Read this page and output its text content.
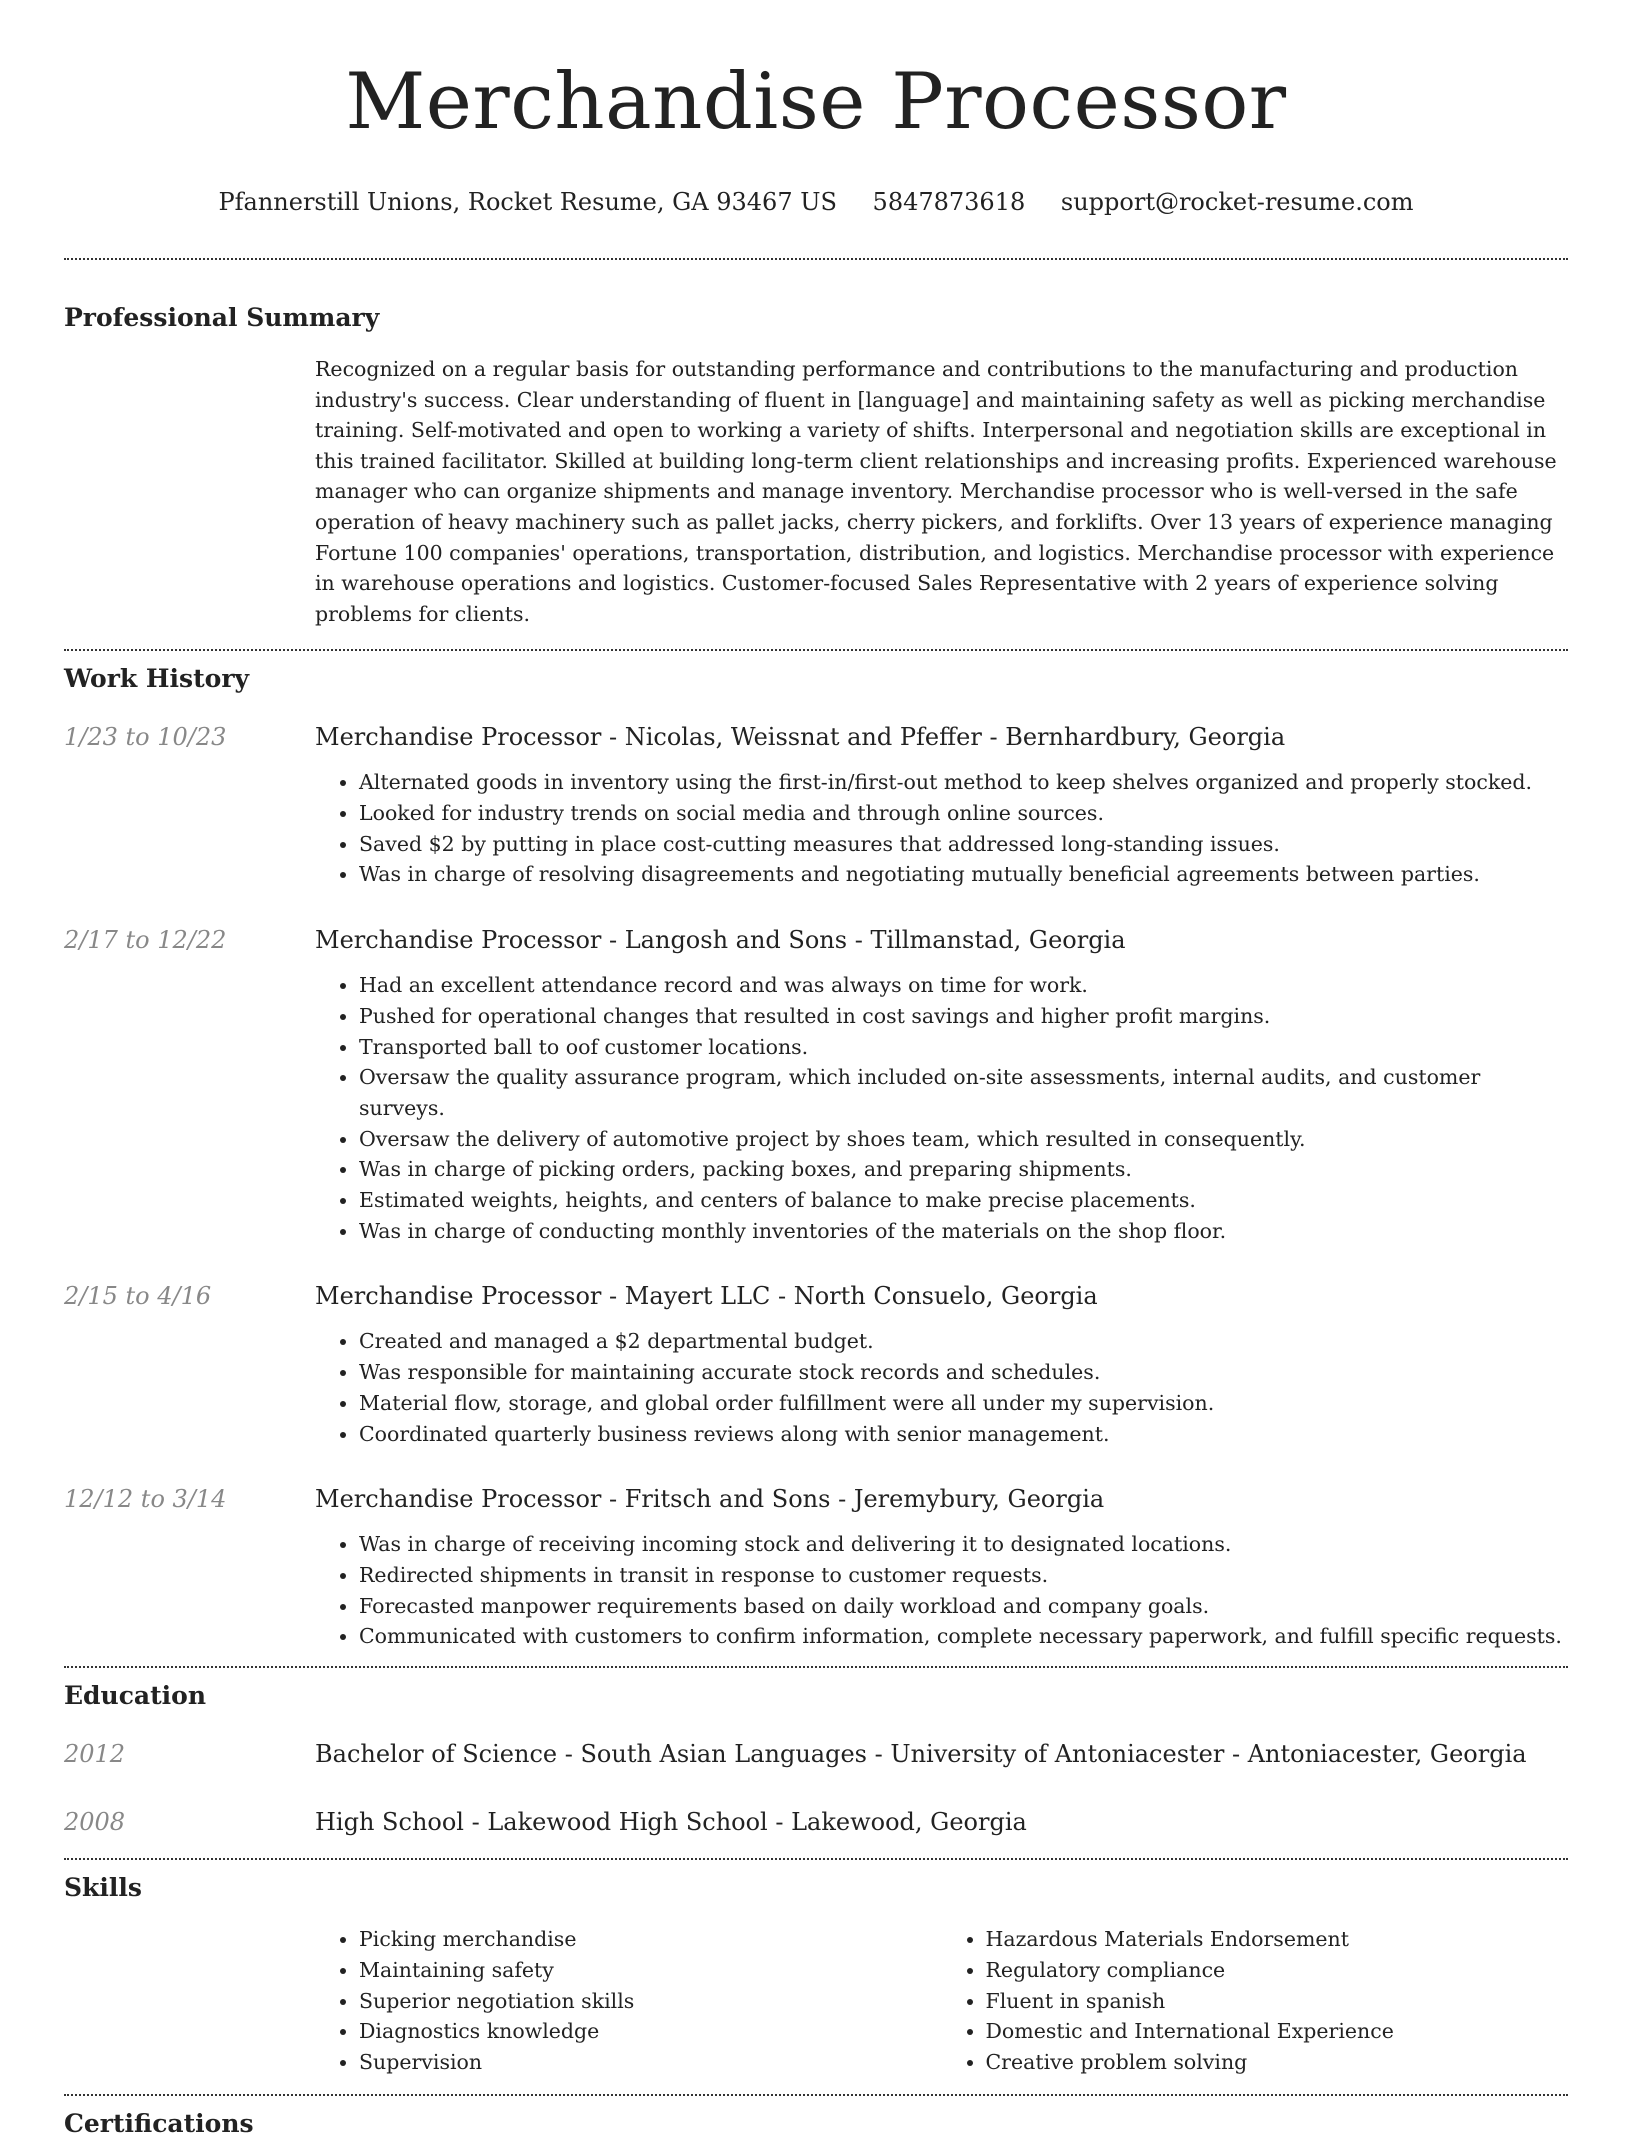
Merchandise Processor
Pfannerstill Unions, Rocket Resume, GA 93467 US 5847873618 support@rocket-resume.com
Professional Summary
Recognized on a regular basis for outstanding performance and contributions to the manufacturing and production industry's success. Clear understanding of fluent in [language] and maintaining safety as well as picking merchandise training. Self-motivated and open to working a variety of shifts. Interpersonal and negotiation skills are exceptional in this trained facilitator. Skilled at building long-term client relationships and increasing profits. Experienced warehouse manager who can organize shipments and manage inventory. Merchandise processor who is well-versed in the safe operation of heavy machinery such as pallet jacks, cherry pickers, and forklifts. Over 13 years of experience managing Fortune 100 companies' operations, transportation, distribution, and logistics. Merchandise processor with experience in warehouse operations and logistics. Customer-focused Sales Representative with 2 years of experience solving problems for clients.
Work History
1/23 to 10/23	Merchandise Processor - Nicolas, Weissnat and Pfeffer - Bernhardbury, Georgia
• Alternated goods in inventory using the first-in/first-out method to keep shelves organized and properly stocked.
• Looked for industry trends on social media and through online sources.
• Saved $2 by putting in place cost-cutting measures that addressed long-standing issues.
• Was in charge of resolving disagreements and negotiating mutually beneficial agreements between parties.
2/17 to 12/22	Merchandise Processor - Langosh and Sons - Tillmanstad, Georgia
• Had an excellent attendance record and was always on time for work.
• Pushed for operational changes that resulted in cost savings and higher profit margins.
• Transported ball to oof customer locations.
• Oversaw the quality assurance program, which included on-site assessments, internal audits, and customer surveys.
• Oversaw the delivery of automotive project by shoes team, which resulted in consequently.
• Was in charge of picking orders, packing boxes, and preparing shipments.
• Estimated weights, heights, and centers of balance to make precise placements.
• Was in charge of conducting monthly inventories of the materials on the shop floor.
2/15 to 4/16	Merchandise Processor - Mayert LLC - North Consuelo, Georgia
• Created and managed a $2 departmental budget.
• Was responsible for maintaining accurate stock records and schedules.
• Material flow, storage, and global order fulfillment were all under my supervision.
• Coordinated quarterly business reviews along with senior management.
12/12 to 3/14	Merchandise Processor - Fritsch and Sons - Jeremybury, Georgia
• Was in charge of receiving incoming stock and delivering it to designated locations.
• Redirected shipments in transit in response to customer requests.
• Forecasted manpower requirements based on daily workload and company goals.
• Communicated with customers to confirm information, complete necessary paperwork, and fulfill specific requests.
Education
2012	Bachelor of Science - South Asian Languages - University of Antoniacester - Antoniacester, Georgia
2008	High School - Lakewood High School - Lakewood, Georgia
Skills
• Picking merchandise
• Maintaining safety
• Superior negotiation skills
• Diagnostics knowledge
• Supervision
• Hazardous Materials Endorsement
• Regulatory compliance
• Fluent in spanish
• Domestic and International Experience
• Creative problem solving
Certifications
